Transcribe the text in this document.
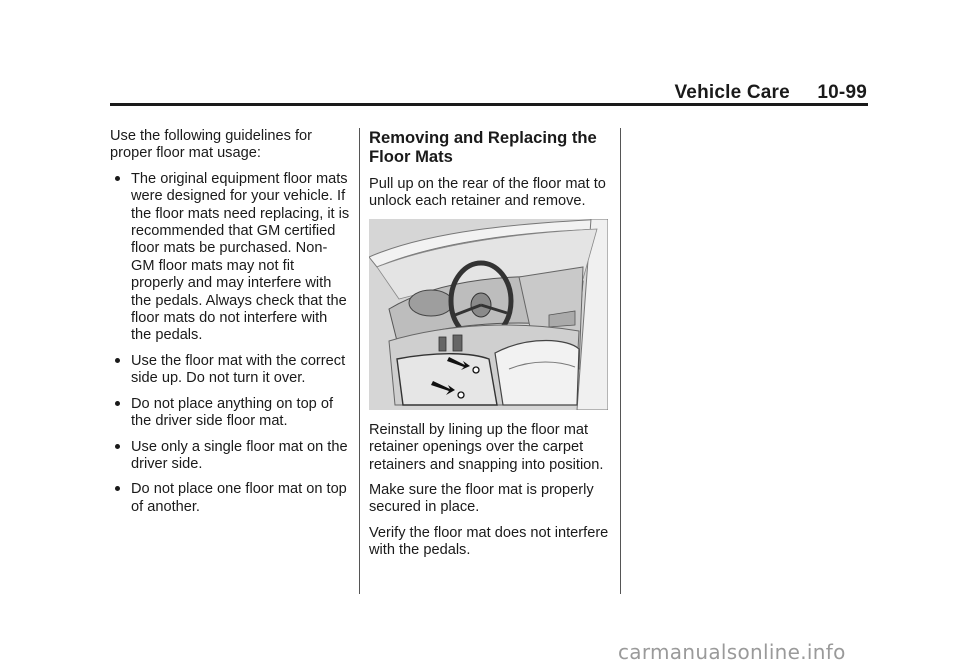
Vehicle Care 10-99

Use the following guidelines for proper floor mat usage:

The original equipment floor mats were designed for your vehicle. If the floor mats need replacing, it is recommended that GM certified floor mats be purchased. Non-GM floor mats may not fit properly and may interfere with the pedals. Always check that the floor mats do not interfere with the pedals.
Use the floor mat with the correct side up. Do not turn it over.
Do not place anything on top of the driver side floor mat.
Use only a single floor mat on the driver side.
Do not place one floor mat on top of another.
Removing and Replacing the Floor Mats

Pull up on the rear of the floor mat to unlock each retainer and remove.

Reinstall by lining up the floor mat retainer openings over the carpet retainers and snapping into position.

Make sure the floor mat is properly secured in place.

Verify the floor mat does not interfere with the pedals.

carmanualsonline.info
